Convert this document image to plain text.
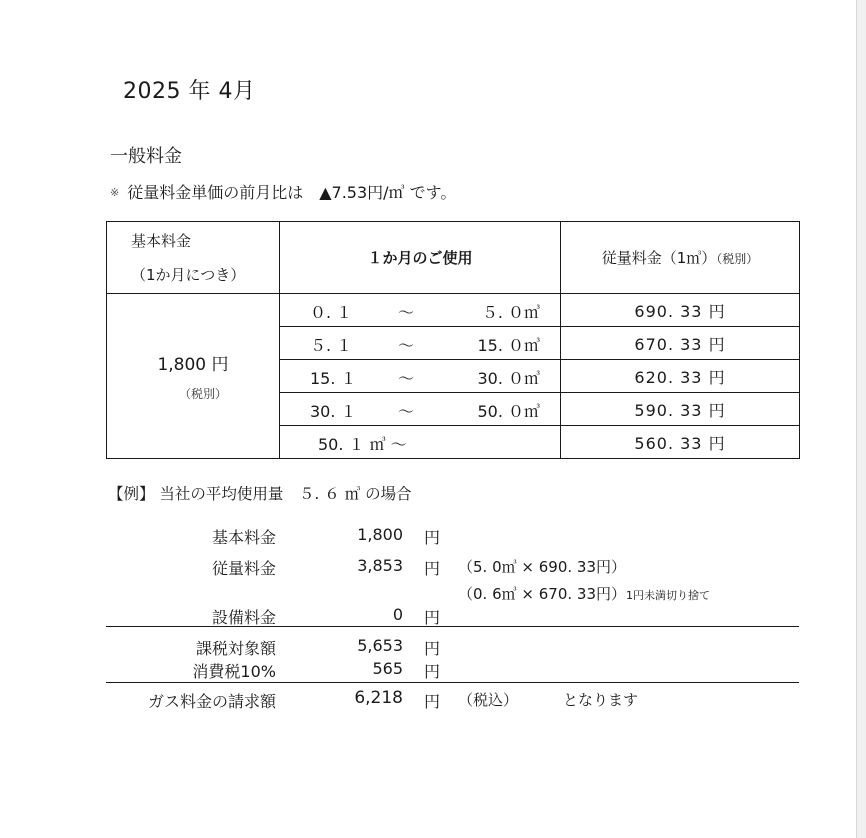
2025 年 4月
一般料金
※ 従量料金単価の前月比は　▲7.53円/㎥ です。
基本料金
（1か月につき）	１か月のご使用	従量料金（1㎥）（税別）
1,800 円
（税別）	０. １ ～ ５. ０㎥	690. 33 円

	５. １ ～ 15. ０㎥	670. 33 円

	15. １ ～ 30. ０㎥	620. 33 円

	30. １ ～ 50. ０㎥	590. 33 円

	50. １ ㎥ ～	560. 33 円
【例】 当社の平均使用量　５. ６ ㎥ の場合
基本料金	1,800 円
従量料金	3,853 円 （5. 0㎥ × 690. 33円）
（0. 6㎥ × 670. 33円）1円未満切り捨て
設備料金	0 円
課税対象額	5,653 円
消費税10%	565 円
ガス料金の請求額	6,218 円 （税込）	となります
